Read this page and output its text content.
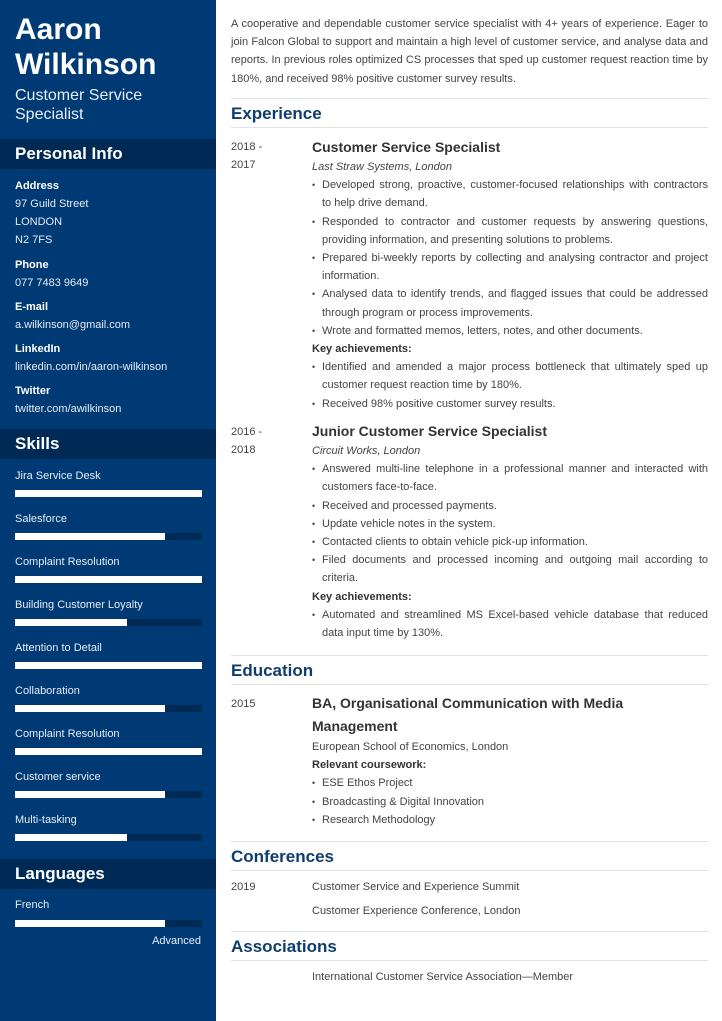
Aaron
Wilkinson
Customer Service
Specialist
Personal Info
Address
97 Guild Street
LONDON
N2 7FS
Phone
077 7483 9649
E-mail
a.wilkinson@gmail.com
LinkedIn
linkedin.com/in/aaron-wilkinson
Twitter
twitter.com/awilkinson
Skills
Jira Service Desk
Salesforce
Complaint Resolution
Building Customer Loyalty
Attention to Detail
Collaboration
Complaint Resolution
Customer service
Multi-tasking
Languages
French
Advanced
A cooperative and dependable customer service specialist with 4+ years of experience. Eager to join Falcon Global to support and maintain a high level of customer service, and analyse data and reports. In previous roles optimized CS processes that sped up customer request reaction time by 180%, and received 98% positive customer survey results.
Experience
2018 -
2017
Customer Service Specialist
Last Straw Systems, London
• Developed strong, proactive, customer-focused relationships with contractors to help drive demand.
• Responded to contractor and customer requests by answering questions, providing information, and presenting solutions to problems.
• Prepared bi-weekly reports by collecting and analysing contractor and project information.
• Analysed data to identify trends, and flagged issues that could be addressed through program or process improvements.
• Wrote and formatted memos, letters, notes, and other documents.
Key achievements:
• Identified and amended a major process bottleneck that ultimately sped up customer request reaction time by 180%.
• Received 98% positive customer survey results.
2016 -
2018
Junior Customer Service Specialist
Circuit Works, London
• Answered multi-line telephone in a professional manner and interacted with customers face-to-face.
• Received and processed payments.
• Update vehicle notes in the system.
• Contacted clients to obtain vehicle pick-up information.
• Filed documents and processed incoming and outgoing mail according to criteria.
Key achievements:
• Automated and streamlined MS Excel-based vehicle database that reduced data input time by 130%.
Education
2015	BA, Organisational Communication with Media Management
European School of Economics, London
Relevant coursework:
• ESE Ethos Project
• Broadcasting & Digital Innovation
• Research Methodology
Conferences
2019	Customer Service and Experience Summit
Customer Experience Conference, London
Associations
International Customer Service Association—Member
